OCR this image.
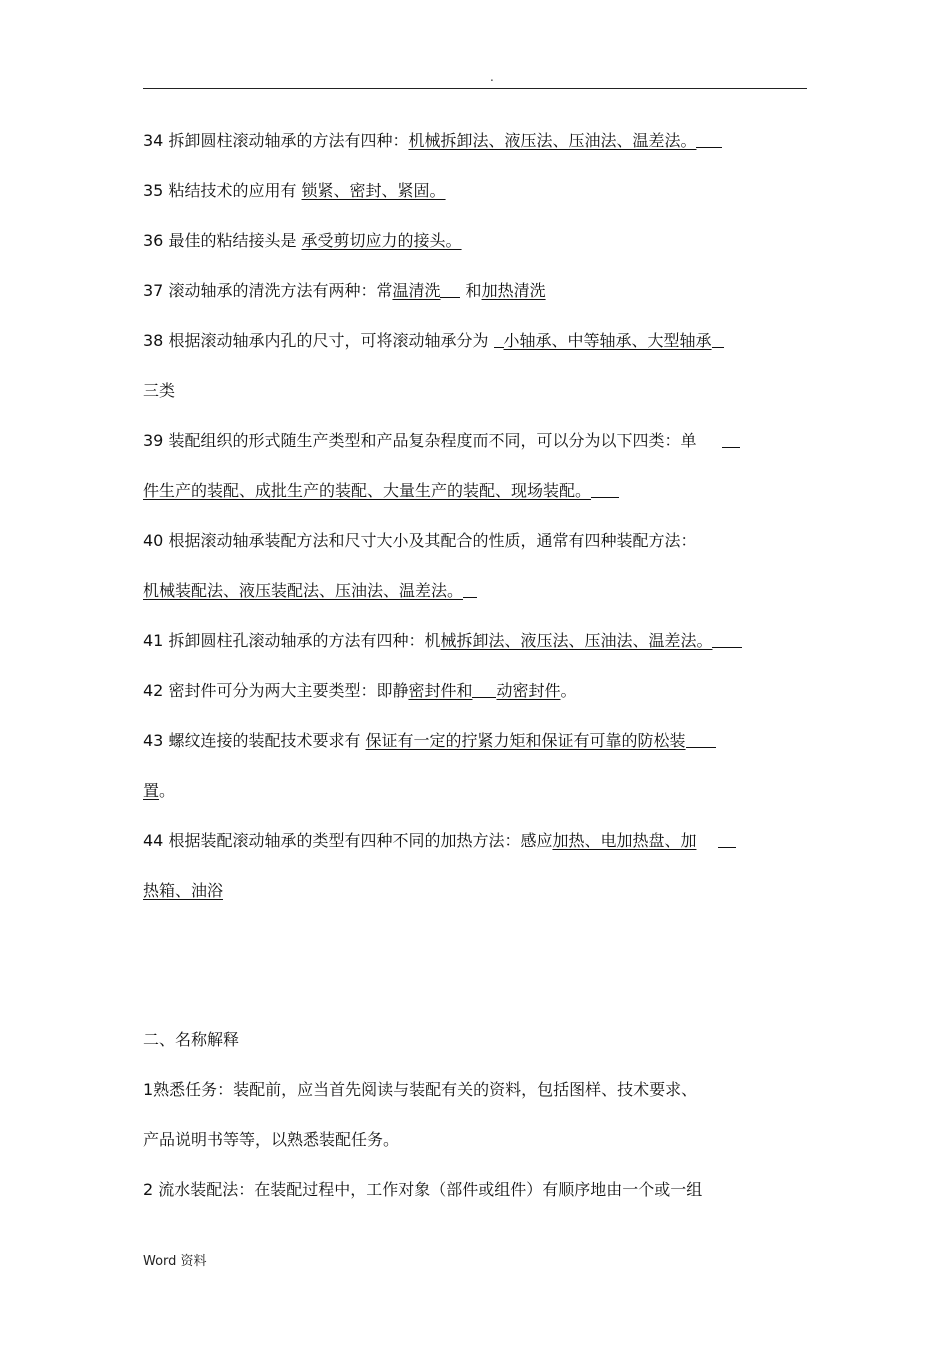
.
34 拆卸圆柱滚动轴承的方法有四种：机械拆卸法、液压法、压油法、温差法。
35 粘结技术的应用有 锁紧、密封、紧固。
36 最佳的粘结接头是 承受剪切应力的接头。
37 滚动轴承的清洗方法有两种：常温清洗 和加热清洗
38 根据滚动轴承内孔的尺寸，可将滚动轴承分为 小轴承、中等轴承、大型轴承
三类
39 装配组织的形式随生产类型和产品复杂程度而不同，可以分为以下四类：单
件生产的装配、成批生产的装配、大量生产的装配、现场装配。
40 根据滚动轴承装配方法和尺寸大小及其配合的性质，通常有四种装配方法：
机械装配法、液压装配法、压油法、温差法。
41 拆卸圆柱孔滚动轴承的方法有四种：机械拆卸法、液压法、压油法、温差法。
42 密封件可分为两大主要类型：即静密封件和 动密封件。
43 螺纹连接的装配技术要求有 保证有一定的拧紧力矩和保证有可靠的防松装
置。
44 根据装配滚动轴承的类型有四种不同的加热方法：感应加热、电加热盘、加
热箱、油浴
二、名称解释
1熟悉任务：装配前，应当首先阅读与装配有关的资料，包括图样、技术要求、
产品说明书等等，以熟悉装配任务。
2 流水装配法：在装配过程中，工作对象（部件或组件）有顺序地由一个或一组
Word 资料
